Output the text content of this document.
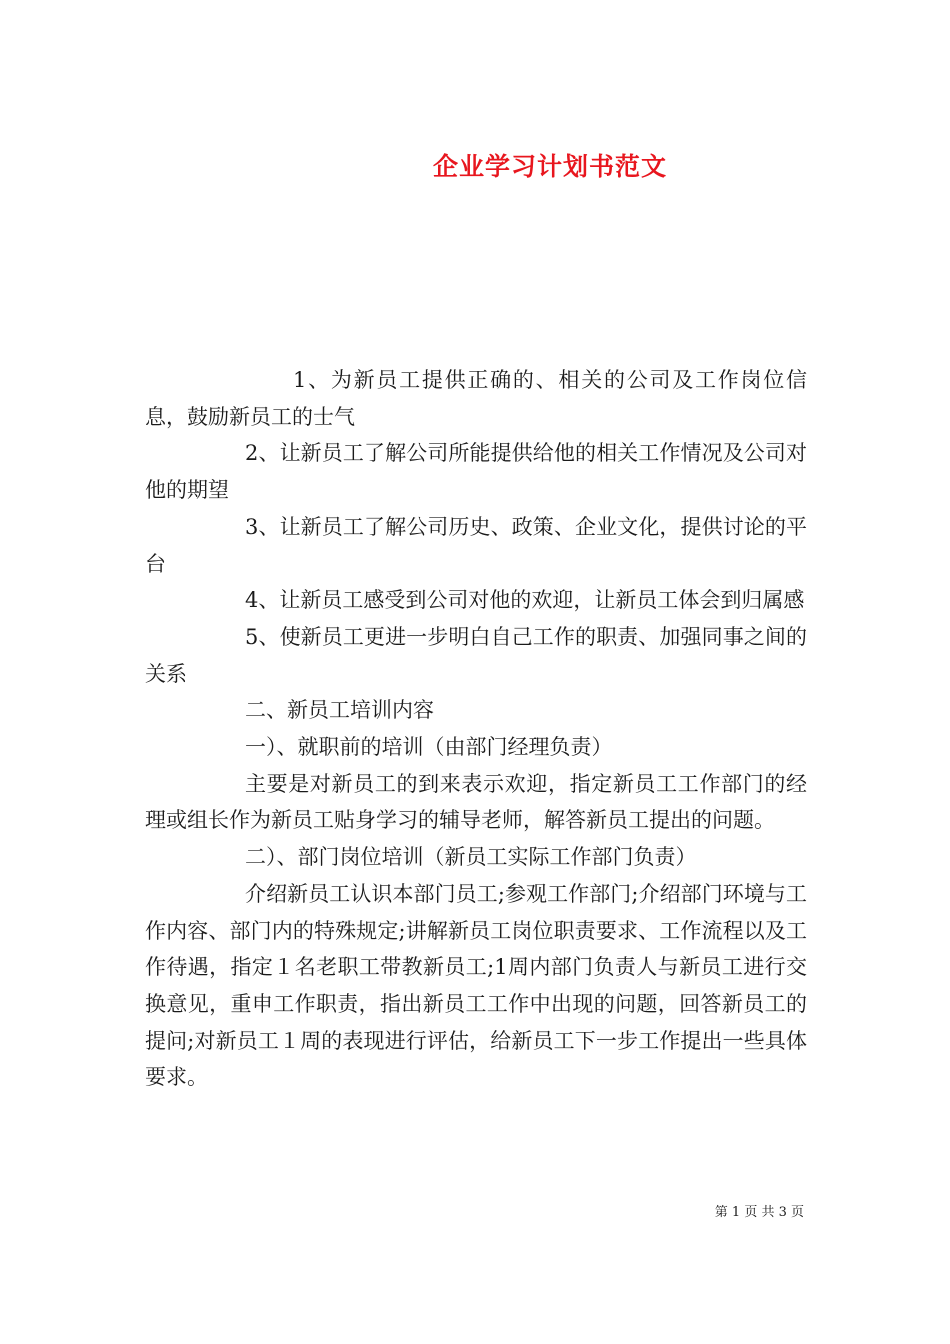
企业学习计划书范文

1、为新员工提供正确的、相关的公司及工作岗位信息，鼓励新员工的士气

2、让新员工了解公司所能提供给他的相关工作情况及公司对他的期望

3、让新员工了解公司历史、政策、企业文化，提供讨论的平台

4、让新员工感受到公司对他的欢迎，让新员工体会到归属感

5、使新员工更进一步明白自己工作的职责、加强同事之间的关系

二、新员工培训内容

一）、就职前的培训（由部门经理负责）

主要是对新员工的到来表示欢迎，指定新员工工作部门的经理或组长作为新员工贴身学习的辅导老师，解答新员工提出的问题。

二）、部门岗位培训（新员工实际工作部门负责）

介绍新员工认识本部门员工;参观工作部门;介绍部门环境与工作内容、部门内的特殊规定;讲解新员工岗位职责要求、工作流程以及工作待遇，指定１名老职工带教新员工;1周内部门负责人与新员工进行交换意见，重申工作职责，指出新员工工作中出现的问题，回答新员工的提问;对新员工１周的表现进行评估，给新员工下一步工作提出一些具体要求。

第 1 页 共 3 页
